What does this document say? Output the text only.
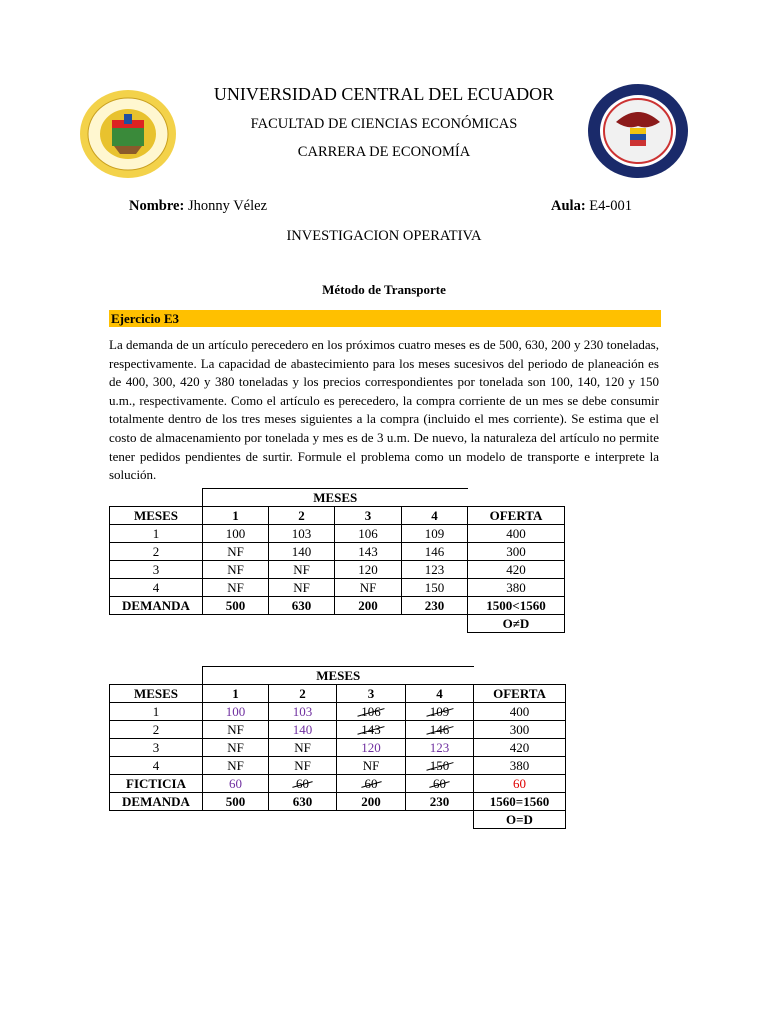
UNIVERSIDAD CENTRAL DEL ECUADOR
FACULTAD DE CIENCIAS ECONÓMICAS
CARRERA DE ECONOMÍA
Nombre: Jhonny Vélez	Aula: E4-001
INVESTIGACION OPERATIVA
Método de Transporte
Ejercicio E3
La demanda de un artículo perecedero en los próximos cuatro meses es de 500, 630, 200 y 230 toneladas, respectivamente. La capacidad de abastecimiento para los meses sucesivos del periodo de planeación es de 400, 300, 420 y 380 toneladas y los precios correspondientes por tonelada son 100, 140, 120 y 150 u.m., respectivamente. Como el artículo es perecedero, la compra corriente de un mes se debe consumir totalmente dentro de los tres meses siguientes a la compra (incluido el mes corriente). Se estima que el costo de almacenamiento por tonelada y mes es de 3 u.m. De nuevo, la naturaleza del artículo no permite tener pedidos pendientes de surtir. Formule el problema como un modelo de transporte e interprete la solución.
	MESES				
MESES	1	2	3	4	OFERTA
1	100	103	106	109	400
2	NF	140	143	146	300
3	NF	NF	120	123	420
4	NF	NF	NF	150	380
DEMANDA	500	630	200	230	1500<1560
					O≠D
	MESES				
MESES	1	2	3	4	OFERTA
1	100	103	106	109	400
2	NF	140	143	146	300
3	NF	NF	120	123	420
4	NF	NF	NF	150	380
FICTICIA	60	60	60	60	60
DEMANDA	500	630	200	230	1560=1560
					O=D
